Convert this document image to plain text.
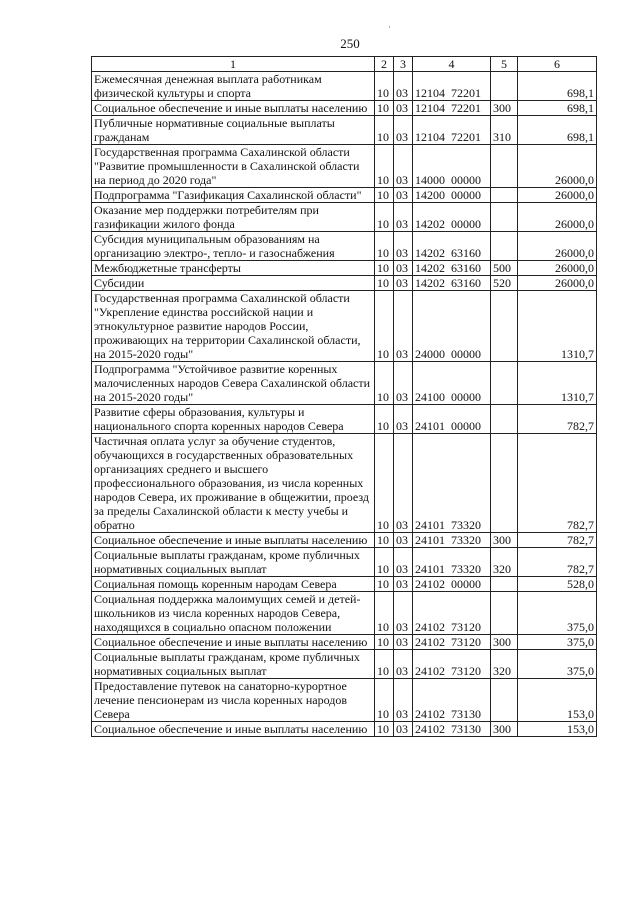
·
250
1	2	3	4	5	6
Ежемесячная денежная выплата работникам физической культуры и спорта	10	03	12104  72201		698,1
Социальное обеспечение и иные выплаты населению	10	03	12104  72201	300	698,1
Публичные нормативные социальные выплаты гражданам	10	03	12104  72201	310	698,1
Государственная программа Сахалинской области "Развитие промышленности в Сахалинской области на период до 2020 года"	10	03	14000  00000		26000,0
Подпрограмма "Газификация Сахалинской области"	10	03	14200  00000		26000,0
Оказание мер поддержки потребителям при газификации жилого фонда	10	03	14202  00000		26000,0
Субсидия муниципальным образованиям на организацию электро-, тепло- и газоснабжения	10	03	14202  63160		26000,0
Межбюджетные трансферты	10	03	14202  63160	500	26000,0
Субсидии	10	03	14202  63160	520	26000,0
Государственная программа Сахалинской области "Укрепление единства российской нации и этнокультурное развитие народов России, проживающих на территории Сахалинской области, на 2015-2020 годы"	10	03	24000  00000		1310,7
Подпрограмма "Устойчивое развитие коренных малочисленных народов Севера Сахалинской области на 2015-2020 годы"	10	03	24100  00000		1310,7
Развитие сферы образования, культуры и национального спорта коренных народов Севера	10	03	24101  00000		782,7
Частичная оплата услуг за обучение студентов, обучающихся в государственных образовательных организациях среднего и высшего профессионального образования, из числа коренных народов Севера, их проживание в общежитии, проезд за пределы Сахалинской области к месту учебы и обратно	10	03	24101  73320		782,7
Социальное обеспечение и иные выплаты населению	10	03	24101  73320	300	782,7
Социальные выплаты гражданам, кроме публичных нормативных социальных выплат	10	03	24101  73320	320	782,7
Социальная помощь коренным народам Севера	10	03	24102  00000		528,0
Социальная поддержка малоимущих семей и детей-школьников из числа коренных народов Севера, находящихся в социально опасном положении	10	03	24102  73120		375,0
Социальное обеспечение и иные выплаты населению	10	03	24102  73120	300	375,0
Социальные выплаты гражданам, кроме публичных нормативных социальных выплат	10	03	24102  73120	320	375,0
Предоставление путевок на санаторно-курортное лечение пенсионерам из числа коренных народов Севера	10	03	24102  73130		153,0
Социальное обеспечение и иные выплаты населению	10	03	24102  73130	300	153,0
